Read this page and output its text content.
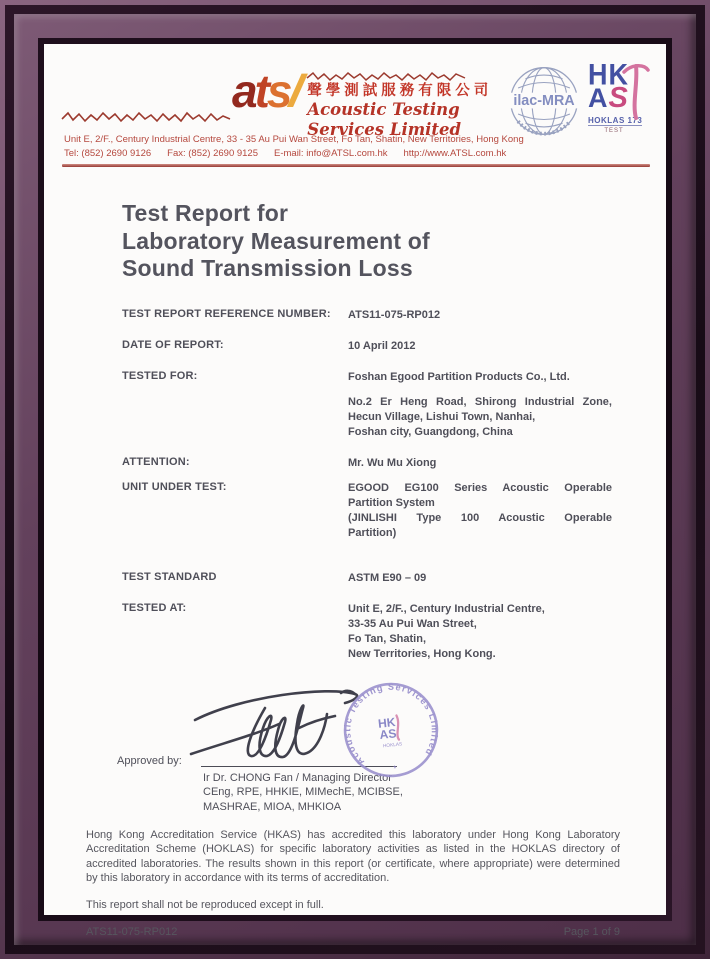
atsl 聲學測試服務有限公司
Acoustic Testing Services Limited
ilac-MRA
HK
AS
HOKLAS 173
TEST
Unit E, 2/F., Century Industrial Centre, 33 - 35 Au Pui Wan Street, Fo Tan, Shatin, New Territories, Hong Kong
Tel: (852) 2690 9126 Fax: (852) 2690 9125 E-mail: info@ATSL.com.hk http://www.ATSL.com.hk
Test Report for
Laboratory Measurement of
Sound Transmission Loss
TEST REPORT REFERENCE NUMBER:	ATS11-075-RP012
DATE OF REPORT:	10 April 2012
TESTED FOR:	Foshan Egood Partition Products Co., Ltd.
No.2 Er Heng Road, Shirong Industrial Zone,
Hecun Village, Lishui Town, Nanhai,
Foshan city, Guangdong, China
ATTENTION:	Mr. Wu Mu Xiong
UNIT UNDER TEST:	EGOOD EG100 Series Acoustic Operable
Partition System
(JINLISHI Type 100 Acoustic Operable
Partition)
TEST STANDARD	ASTM E90 – 09
TESTED AT:	Unit E, 2/F., Century Industrial Centre,
33-35 Au Pui Wan Street,
Fo Tan, Shatin,
New Territories, Hong Kong.
Approved by:
Ir Dr. CHONG Fan / Managing Director
CEng, RPE, HHKIE, MIMechE, MCIBSE,
MASHRAE, MIOA, MHKIOA
Acoustic Testing Services Limited
HK
AS
HOKLAS
*
Hong Kong Accreditation Service (HKAS) has accredited this laboratory under Hong Kong Laboratory Accreditation Scheme (HOKLAS) for specific laboratory activities as listed in the HOKLAS directory of accredited laboratories. The results shown in this report (or certificate, where appropriate) were determined by this laboratory in accordance with its terms of accreditation.
This report shall not be reproduced except in full.
ATS11-075-RP012	Page 1 of 9
